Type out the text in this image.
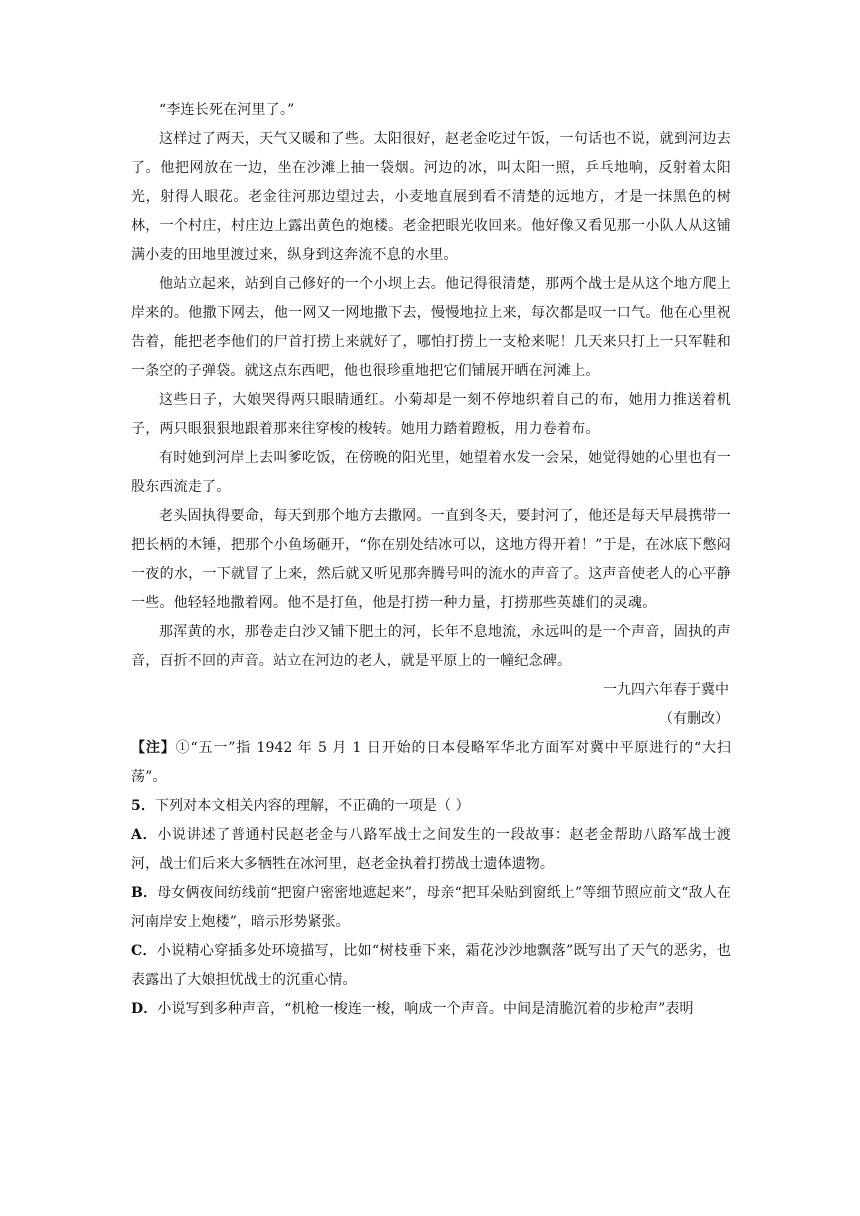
“李连长死在河里了。”

这样过了两天，天气又暖和了些。太阳很好，赵老金吃过午饭，一句话也不说，就到河边去了。他把网放在一边，坐在沙滩上抽一袋烟。河边的冰，叫太阳一照，乒乓地响，反射着太阳光，射得人眼花。老金往河那边望过去，小麦地直展到看不清楚的远地方，才是一抹黑色的树林，一个村庄，村庄边上露出黄色的炮楼。老金把眼光收回来。他好像又看见那一小队人从这铺满小麦的田地里渡过来，纵身到这奔流不息的水里。

他站立起来，站到自己修好的一个小坝上去。他记得很清楚，那两个战士是从这个地方爬上岸来的。他撒下网去，他一网又一网地撒下去，慢慢地拉上来，每次都是叹一口气。他在心里祝告着，能把老李他们的尸首打捞上来就好了，哪怕打捞上一支枪来呢！几天来只打上一只军鞋和一条空的子弹袋。就这点东西吧，他也很珍重地把它们铺展开晒在河滩上。

这些日子，大娘哭得两只眼睛通红。小菊却是一刻不停地织着自己的布，她用力推送着机子，两只眼狠狠地跟着那来往穿梭的梭转。她用力踏着蹬板，用力卷着布。

有时她到河岸上去叫爹吃饭，在傍晚的阳光里，她望着水发一会呆，她觉得她的心里也有一股东西流走了。

老头固执得要命，每天到那个地方去撒网。一直到冬天，要封河了，他还是每天早晨携带一把长柄的木锤，把那个小鱼场砸开，“你在别处结冰可以，这地方得开着！”于是，在冰底下憋闷一夜的水，一下就冒了上来，然后就又听见那奔腾号叫的流水的声音了。这声音使老人的心平静一些。他轻轻地撒着网。他不是打鱼，他是打捞一种力量，打捞那些英雄们的灵魂。

那浑黄的水，那卷走白沙又铺下肥土的河，长年不息地流，永远叫的是一个声音，固执的声音，百折不回的声音。站立在河边的老人，就是平原上的一幢纪念碑。

一九四六年春于冀中

（有删改）

【注】①“五一”指 1942 年 5 月 1 日开始的日本侵略军华北方面军对冀中平原进行的“大扫荡”。

5．下列对本文相关内容的理解，不正确的一项是（ ）

A．小说讲述了普通村民赵老金与八路军战士之间发生的一段故事：赵老金帮助八路军战士渡河，战士们后来大多牺牲在冰河里，赵老金执着打捞战士遗体遗物。

B．母女俩夜间纺线前“把窗户密密地遮起来”，母亲“把耳朵贴到窗纸上”等细节照应前文“敌人在河南岸安上炮楼”，暗示形势紧张。

C．小说精心穿插多处环境描写，比如“树枝垂下来，霜花沙沙地飘落”既写出了天气的恶劣，也表露出了大娘担忧战士的沉重心情。

D．小说写到多种声音，“机枪一梭连一梭，响成一个声音。中间是清脆沉着的步枪声”表明
